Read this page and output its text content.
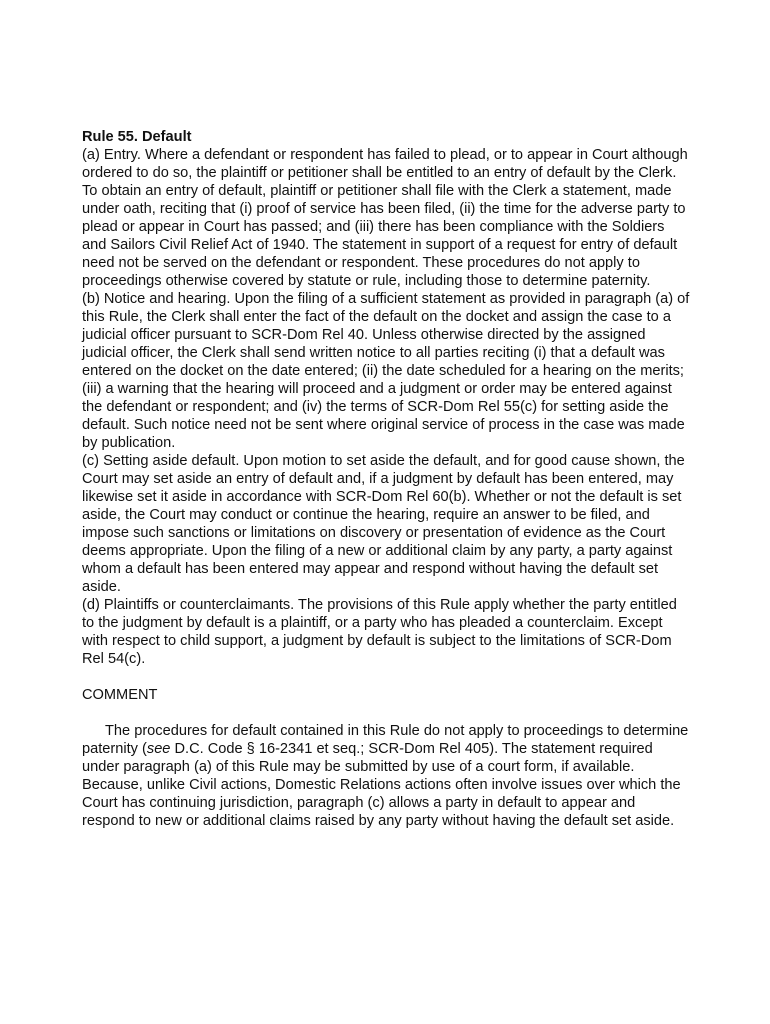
Rule 55. Default

(a) Entry. Where a defendant or respondent has failed to plead, or to appear in Court although ordered to do so, the plaintiff or petitioner shall be entitled to an entry of default by the Clerk. To obtain an entry of default, plaintiff or petitioner shall file with the Clerk a statement, made under oath, reciting that (i) proof of service has been filed, (ii) the time for the adverse party to plead or appear in Court has passed; and (iii) there has been compliance with the Soldiers and Sailors Civil Relief Act of 1940. The statement in support of a request for entry of default need not be served on the defendant or respondent. These procedures do not apply to proceedings otherwise covered by statute or rule, including those to determine paternity.

(b) Notice and hearing. Upon the filing of a sufficient statement as provided in paragraph (a) of this Rule, the Clerk shall enter the fact of the default on the docket and assign the case to a judicial officer pursuant to SCR-Dom Rel 40. Unless otherwise directed by the assigned judicial officer, the Clerk shall send written notice to all parties reciting (i) that a default was entered on the docket on the date entered; (ii) the date scheduled for a hearing on the merits; (iii) a warning that the hearing will proceed and a judgment or order may be entered against the defendant or respondent; and (iv) the terms of SCR-Dom Rel 55(c) for setting aside the default. Such notice need not be sent where original service of process in the case was made by publication.

(c) Setting aside default. Upon motion to set aside the default, and for good cause shown, the Court may set aside an entry of default and, if a judgment by default has been entered, may likewise set it aside in accordance with SCR-Dom Rel 60(b). Whether or not the default is set aside, the Court may conduct or continue the hearing, require an answer to be filed, and impose such sanctions or limitations on discovery or presentation of evidence as the Court deems appropriate. Upon the filing of a new or additional claim by any party, a party against whom a default has been entered may appear and respond without having the default set aside.

(d) Plaintiffs or counterclaimants. The provisions of this Rule apply whether the party entitled to the judgment by default is a plaintiff, or a party who has pleaded a counterclaim. Except with respect to child support, a judgment by default is subject to the limitations of SCR-Dom Rel 54(c).

COMMENT

The procedures for default contained in this Rule do not apply to proceedings to determine paternity (see D.C. Code § 16-2341 et seq.; SCR-Dom Rel 405). The statement required under paragraph (a) of this Rule may be submitted by use of a court form, if available. Because, unlike Civil actions, Domestic Relations actions often involve issues over which the Court has continuing jurisdiction, paragraph (c) allows a party in default to appear and respond to new or additional claims raised by any party without having the default set aside.
